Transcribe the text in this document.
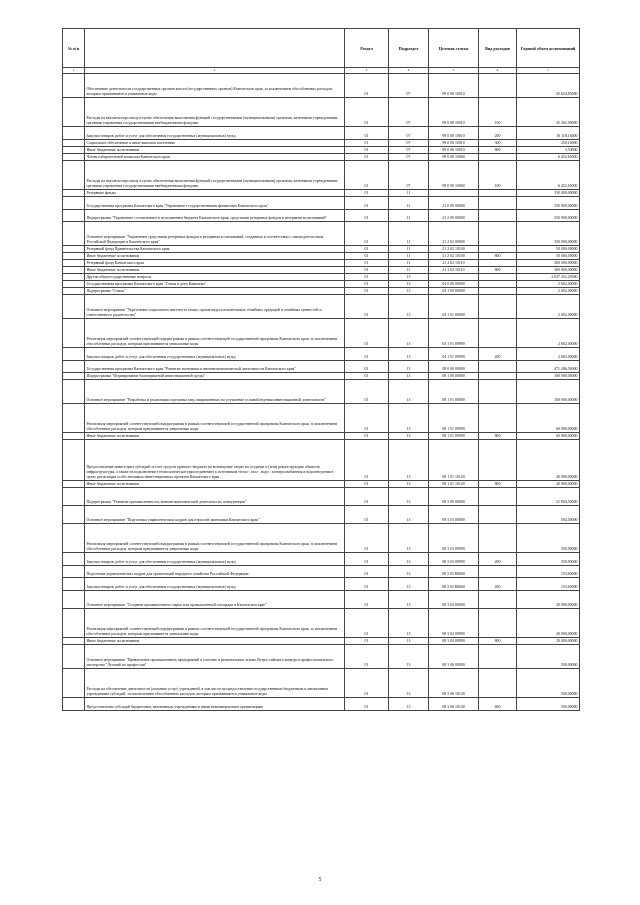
№ п/п		Раздел	Подраздел	Целевая статья	Вид расходов	Годовой объем ассигнований
1	2	3	4	5	6	7
	Обеспечение деятельности государственных органов власти (государственных органов) Камчатского края, за исключением обособленных расходов, которым присваиваются уникальные коды	01	07	99 0 00 10010		45 634,85000
	Расходы на выплаты персоналу в целях обеспечения выполнения функций государственными (муниципальными) органами, казенными учреждениями, органами управления государственными внебюджетными фондами	01	07	99 0 00 10010	100	35 262,99000
	Закупка товаров, работ и услуг для обеспечения государственных (муниципальных) нужд	01	07	99 0 00 10010	200	10 118,16000
	Социальное обеспечение и иные выплаты населению	01	07	99 0 00 10010	300	250,16000
	Иные бюджетные ассигнования	01	07	99 0 00 10010	800	3,54000
	Члены избирательной комиссии Камчатского края	01	07	99 0 00 10060		6 452,65000
	Расходы на выплаты персоналу в целях обеспечения выполнения функций государственными (муниципальными) органами, казенными учреждениями, органами управления государственными внебюджетными фондами	01	07	99 0 00 10060	100	6 452,65000
	Резервные фонды	01	11			350 000,00000
	Государственная программа Камчатского края "Управление государственными финансами Камчатского края"	01	11	21 0 00 00000		350 000,00000
	Подпрограмма "Управление составлением и исполнением бюджета Камчатского края, средствами резервных фондов и резервами ассигнований"	01	11	21 2 00 00000		350 000,00000
	Основное мероприятие "Управление средствами резервных фондов и резервами ассигнований, созданных в соответствии с законодательством Российской Федерации и Камчатского края"	01	11	21 2 02 00000		350 000,00000
	Резервный фонд Правительства Камчатского края	01	11	21 2 02 10100		50 000,00000
	Иные бюджетные ассигнования	01	11	21 2 02 10100	800	50 000,00000
	Резервный фонд Камчатского края	01	11	21 2 02 10110		300 000,00000
	Иные бюджетные ассигнования	01	11	21 2 02 10110	800	300 000,00000
	Другие общегосударственные вопросы	01	13			2 637 252,29300
	Государственная программа Камчатского края "Семья и дети Камчатки"	01	13	04 0 00 00000		2 602,00000
	Подпрограмма "Семья"	01	13	04 1 00 00000		2 602,00000
	Основное мероприятие "Укрепление социального института семьи, пропаганда положительных семейных традиций и семейных ценностей и ответственного родительства"	01	13	04 1 01 00000		2 602,00000
	Реализация мероприятий соответствующей подпрограммы в рамках соответствующей государственной программы Камчатского края, за исключением обособленных расходов, которым присваиваются уникальные коды	01	13	04 1 01 09990		2 602,00000
	Закупка товаров, работ и услуг для обеспечения государственных (муниципальных) нужд	01	13	04 1 01 09990	200	2 602,00000
	Государственная программа Камчатского края "Развитие экономики и внешнеэкономической деятельности Камчатского края"	01	13	08 0 00 00000		471 286,56900
	Подпрограмма "Формирование благоприятной инвестиционной среды"	01	13	08 1 00 00000		100 000,00000
	Основное мероприятие "Разработка и реализация отдельных мер, направленных на улучшение условий ведения инвестиционной деятельности"	01	13	08 1 01 00000		100 000,00000
	Реализация мероприятий соответствующей подпрограммы в рамках соответствующей государственной программы Камчатского края, за исключением обособленных расходов, которым присваиваются уникальные коды	01	13	08 1 01 09990		60 000,00000
	Иные бюджетные ассигнования	01	13	08 1 01 09990	800	60 000,00000
	Предоставление инвесторам субсидий за счет средств краевого бюджета на возмещение затрат на создание и (или) реконструкцию объектов инфраструктуры, а также на подключение (технологическое присоединение) к источникам тепло-, газо-, водо-, электроснабжения и водоотведения в целях реализации особо значимых инвестиционных проектов Камчатского края	01	13	08 1 01 10120		40 000,00000
	Иные бюджетные ассигнования	01	13	08 1 01 10120	800	40 000,00000
	Подпрограмма "Развитие промышленности, внешнеэкономической деятельности, конкуренции"	01	13	08 3 00 00000		21 004,50000
	Основное мероприятие "Подготовка управленческих кадров для отраслей экономики Камчатского края"	01	13	08 3 03 00000		504,50000
	Реализация мероприятий соответствующей подпрограммы в рамках соответствующей государственной программы Камчатского края, за исключением обособленных расходов, которым присваиваются уникальные коды	01	13	08 3 03 09990		350,90000
	Закупка товаров, работ и услуг для обеспечения государственных (муниципальных) нужд	01	13	08 3 03 09990	200	350,90000
	Подготовка управленческих кадров для организаций народного хозяйства Российской Федерации	01	13	08 3 03 R0660		153,60000
	Закупка товаров, работ и услуг для обеспечения государственных (муниципальных) нужд	01	13	08 3 03 R0660	200	153,60000
	Основное мероприятие "Создание промышленного парка или промышленной площадки в Камчатском крае"	01	13	08 3 04 00000		20 000,00000
	Реализация мероприятий соответствующей подпрограммы в рамках соответствующей государственной программы Камчатского края, за исключением обособленных расходов, которым присваиваются уникальные коды	01	13	08 3 04 09990		20 000,00000
	Иные бюджетные ассигнования	01	13	08 3 04 09990	800	20 000,00000
	Основное мероприятие "Привлечение промышленных предприятий к участию в региональных этапах Всероссийского конкурса профессионального мастерства "Лучший по профессии"	01	13	08 3 06 00000		500,00000
	Расходы на обеспечение деятельности (оказание услуг) учреждений, в том числе на предоставление государственным бюджетным и автономным учреждениям субсидий, за исключением обособленных расходов, которым присваиваются уникальные коды	01	13	08 3 06 10140		500,00000
	Предоставление субсидий бюджетным, автономным учреждениям и иным некоммерческим организациям	01	13	08 3 06 10140	600	500,00000
5
